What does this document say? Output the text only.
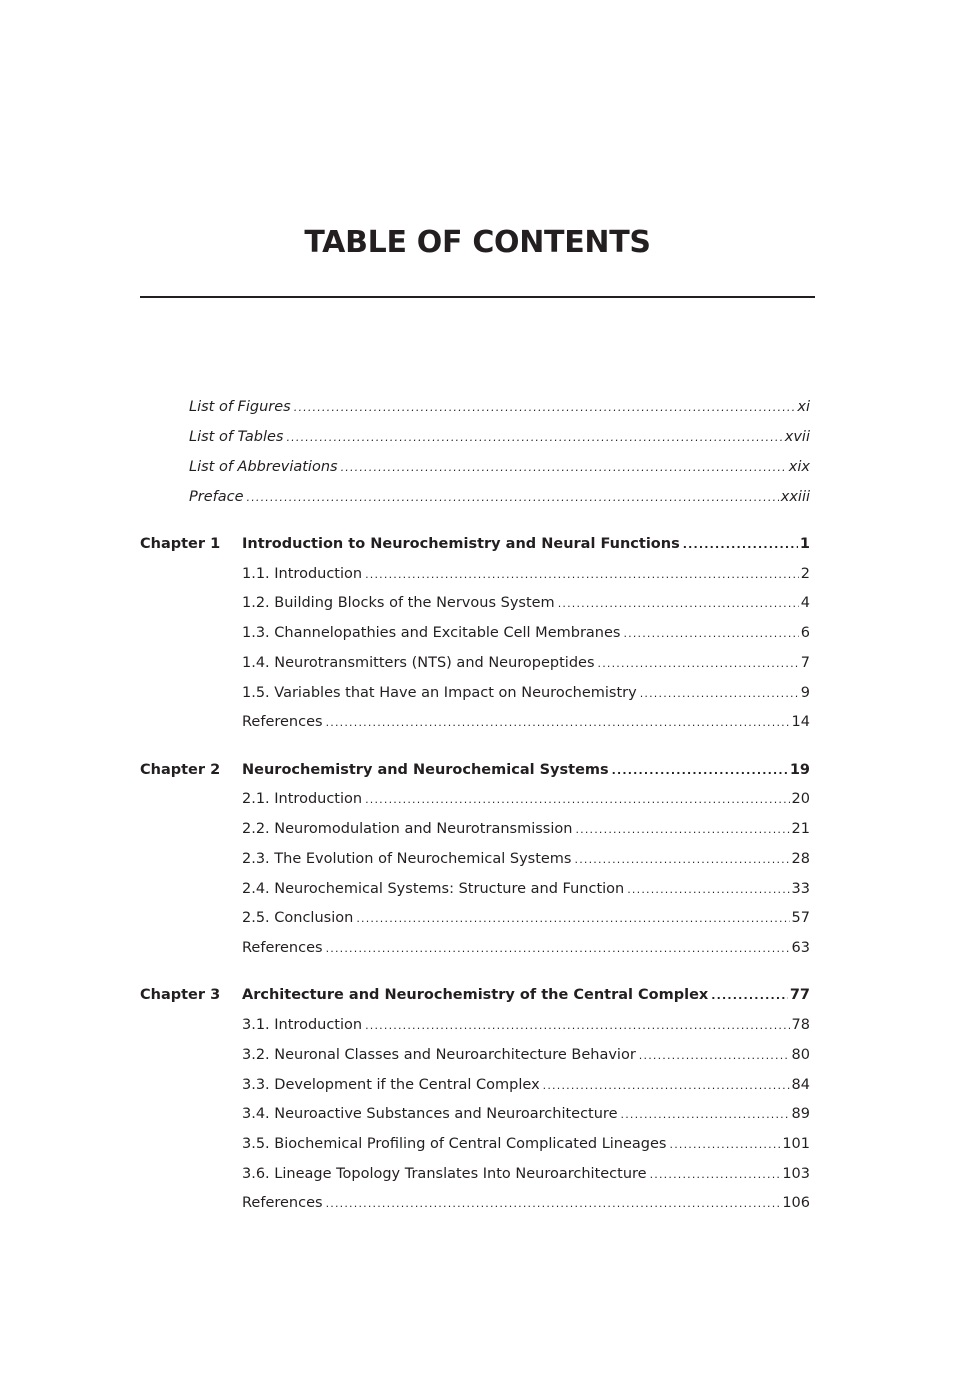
TABLE OF CONTENTS
List of Figures .....	xi
List of Tables .....	xvii
List of Abbreviations .....	xix
Preface .....	xxiii
Chapter 1 Introduction to Neurochemistry and Neural Functions .....	1
1.1. Introduction .....	2
1.2. Building Blocks of the Nervous System .....	4
1.3. Channelopathies and Excitable Cell Membranes .....	6
1.4. Neurotransmitters (NTS) and Neuropeptides .....	7
1.5. Variables that Have an Impact on Neurochemistry .....	9
References .....	14
Chapter 2 Neurochemistry and Neurochemical Systems .....	19
2.1. Introduction .....	20
2.2. Neuromodulation and Neurotransmission .....	21
2.3. The Evolution of Neurochemical Systems .....	28
2.4. Neurochemical Systems: Structure and Function .....	33
2.5. Conclusion .....	57
References .....	63
Chapter 3 Architecture and Neurochemistry of the Central Complex .....	77
3.1. Introduction .....	78
3.2. Neuronal Classes and Neuroarchitecture Behavior .....	80
3.3. Development if the Central Complex .....	84
3.4. Neuroactive Substances and Neuroarchitecture .....	89
3.5. Biochemical Profiling of Central Complicated Lineages .....	101
3.6. Lineage Topology Translates Into Neuroarchitecture .....	103
References .....	106
